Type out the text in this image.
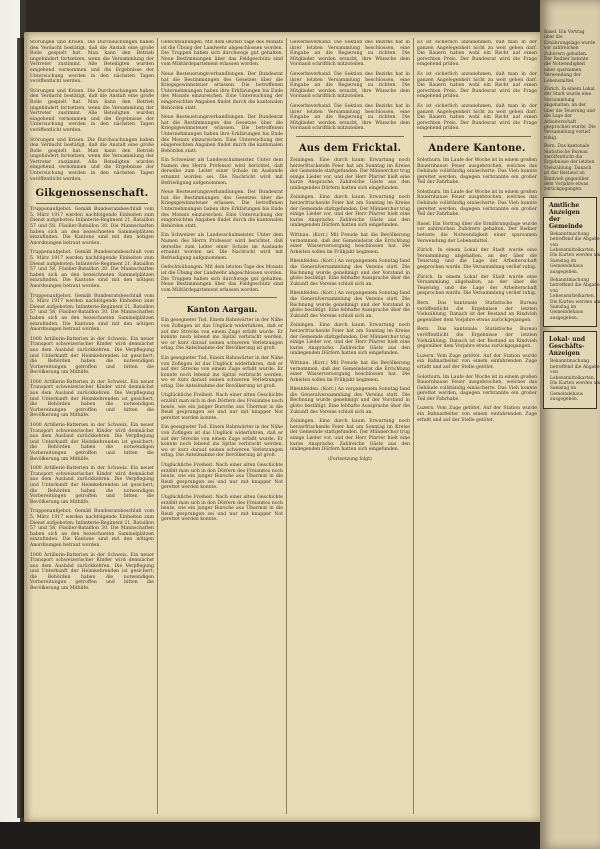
Störungen und Krisen. Die Durchsuchungen haben den Verdacht bestätigt, daß die Anstalt eine große Rolle gespielt hat. Man kann den Betrieb ungehindert fortsetzen, wenn die Versammlung der Vertreter zustimmt. Alle Beteiligten wurden eingehend vernommen und die Ergebnisse der Untersuchung werden in den nächsten Tagen veröffentlicht werden.

Störungen und Krisen. Die Durchsuchungen haben den Verdacht bestätigt, daß die Anstalt eine große Rolle gespielt hat. Man kann den Betrieb ungehindert fortsetzen, wenn die Versammlung der Vertreter zustimmt. Alle Beteiligten wurden eingehend vernommen und die Ergebnisse der Untersuchung werden in den nächsten Tagen veröffentlicht werden.

Störungen und Krisen. Die Durchsuchungen haben den Verdacht bestätigt, daß die Anstalt eine große Rolle gespielt hat. Man kann den Betrieb ungehindert fortsetzen, wenn die Versammlung der Vertreter zustimmt. Alle Beteiligten wurden eingehend vernommen und die Ergebnisse der Untersuchung werden in den nächsten Tagen veröffentlicht werden.

Gikgenossenschaft.

Truppenaufgebot. Gemäß Bundesratsbeschluß vom 5. März 1917 werden nachfolgende Einheiten zum Dienst aufgeboten: Infanterie-Regiment 21, Bataillon 57 und 58, Füsilier-Bataillon 30. Die Mannschaften haben sich an den bezeichneten Sammelplätzen einzufinden. Die Kantone sind mit den nötigen Anordnungen betraut worden.

Truppenaufgebot. Gemäß Bundesratsbeschluß vom 5. März 1917 werden nachfolgende Einheiten zum Dienst aufgeboten: Infanterie-Regiment 21, Bataillon 57 und 58, Füsilier-Bataillon 30. Die Mannschaften haben sich an den bezeichneten Sammelplätzen einzufinden. Die Kantone sind mit den nötigen Anordnungen betraut worden.

Truppenaufgebot. Gemäß Bundesratsbeschluß vom 5. März 1917 werden nachfolgende Einheiten zum Dienst aufgeboten: Infanterie-Regiment 21, Bataillon 57 und 58, Füsilier-Bataillon 30. Die Mannschaften haben sich an den bezeichneten Sammelplätzen einzufinden. Die Kantone sind mit den nötigen Anordnungen betraut worden.

1000 Artillerie-Batterien in der Schweiz. Ein neuer Transport schweizerischer Kinder wird demnächst aus dem Ausland zurückkehren. Die Verpflegung und Unterkunft der Heimkehrenden ist gesichert; die Behörden haben die notwendigen Vorbereitungen getroffen und bitten die Bevölkerung um Mithilfe.

1000 Artillerie-Batterien in der Schweiz. Ein neuer Transport schweizerischer Kinder wird demnächst aus dem Ausland zurückkehren. Die Verpflegung und Unterkunft der Heimkehrenden ist gesichert; die Behörden haben die notwendigen Vorbereitungen getroffen und bitten die Bevölkerung um Mithilfe.

1000 Artillerie-Batterien in der Schweiz. Ein neuer Transport schweizerischer Kinder wird demnächst aus dem Ausland zurückkehren. Die Verpflegung und Unterkunft der Heimkehrenden ist gesichert; die Behörden haben die notwendigen Vorbereitungen getroffen und bitten die Bevölkerung um Mithilfe.

1000 Artillerie-Batterien in der Schweiz. Ein neuer Transport schweizerischer Kinder wird demnächst aus dem Ausland zurückkehren. Die Verpflegung und Unterkunft der Heimkehrenden ist gesichert; die Behörden haben die notwendigen Vorbereitungen getroffen und bitten die Bevölkerung um Mithilfe.

Truppenaufgebot. Gemäß Bundesratsbeschluß vom 5. März 1917 werden nachfolgende Einheiten zum Dienst aufgeboten: Infanterie-Regiment 21, Bataillon 57 und 58, Füsilier-Bataillon 30. Die Mannschaften haben sich an den bezeichneten Sammelplätzen einzufinden. Die Kantone sind mit den nötigen Anordnungen betraut worden.

1000 Artillerie-Batterien in der Schweiz. Ein neuer Transport schweizerischer Kinder wird demnächst aus dem Ausland zurückkehren. Die Verpflegung und Unterkunft der Heimkehrenden ist gesichert; die Behörden haben die notwendigen Vorbereitungen getroffen und bitten die Bevölkerung um Mithilfe.

Gefechtsübungen. Mit dem letzten Tage des Monats ist die Übung der Landwehr abgeschlossen worden. Die Truppen haben sich durchwegs gut gehalten. Neue Bestimmungen über das Feldgeschütz sind vom Militärdepartement erlassen worden.

Neue Besteuerungsverhandlungen. Der Bundesrat hat die Bestimmungen des Gesetzes über die Kriegsgewinnsteuer erlassen. Die betroffenen Unternehmungen haben ihre Erklärungen bis Ende des Monats einzureichen. Eine Untersuchung der eingereichten Angaben findet durch die kantonalen Behörden statt.

Neue Besteuerungsverhandlungen. Der Bundesrat hat die Bestimmungen des Gesetzes über die Kriegsgewinnsteuer erlassen. Die betroffenen Unternehmungen haben ihre Erklärungen bis Ende des Monats einzureichen. Eine Untersuchung der eingereichten Angaben findet durch die kantonalen Behörden statt.

Ein Schweizer als Landesschulmeister. Unter dem Namen des Herrn Professor wird berichtet, daß derselbe zum Leiter einer Schule im Auslande ernannt worden sei. Die Nachricht wird mit Befriedigung aufgenommen.

Neue Besteuerungsverhandlungen. Der Bundesrat hat die Bestimmungen des Gesetzes über die Kriegsgewinnsteuer erlassen. Die betroffenen Unternehmungen haben ihre Erklärungen bis Ende des Monats einzureichen. Eine Untersuchung der eingereichten Angaben findet durch die kantonalen Behörden statt.

Ein Schweizer als Landesschulmeister. Unter dem Namen des Herrn Professor wird berichtet, daß derselbe zum Leiter einer Schule im Auslande ernannt worden sei. Die Nachricht wird mit Befriedigung aufgenommen.

Gefechtsübungen. Mit dem letzten Tage des Monats ist die Übung der Landwehr abgeschlossen worden. Die Truppen haben sich durchwegs gut gehalten. Neue Bestimmungen über das Feldgeschütz sind vom Militärdepartement erlassen worden.

Kanton Aargau.

Ein gesegneter Tod. Einem Bahnwärter in der Nähe von Zofingen ist das Unglück widerfahren, daß er auf der Strecke von einem Zuge erfaßt wurde. Er konnte noch lebend ins Spital verbracht werden, wo er kurz darauf seinen schweren Verletzungen erlag. Die Anteilnahme der Bevölkerung ist groß.

Ein gesegneter Tod. Einem Bahnwärter in der Nähe von Zofingen ist das Unglück widerfahren, daß er auf der Strecke von einem Zuge erfaßt wurde. Er konnte noch lebend ins Spital verbracht werden, wo er kurz darauf seinen schweren Verletzungen erlag. Die Anteilnahme der Bevölkerung ist groß.

Unglückliche Freiheit. Nach einer alten Geschichte erzählt man sich in den Dörfern des Freiamtes noch heute, wie ein junger Bursche aus Übermut in die Reuß gesprungen sei und nur mit knapper Not gerettet werden konnte.

Ein gesegneter Tod. Einem Bahnwärter in der Nähe von Zofingen ist das Unglück widerfahren, daß er auf der Strecke von einem Zuge erfaßt wurde. Er konnte noch lebend ins Spital verbracht werden, wo er kurz darauf seinen schweren Verletzungen erlag. Die Anteilnahme der Bevölkerung ist groß.

Unglückliche Freiheit. Nach einer alten Geschichte erzählt man sich in den Dörfern des Freiamtes noch heute, wie ein junger Bursche aus Übermut in die Reuß gesprungen sei und nur mit knapper Not gerettet werden konnte.

Unglückliche Freiheit. Nach einer alten Geschichte erzählt man sich in den Dörfern des Freiamtes noch heute, wie ein junger Bursche aus Übermut in die Reuß gesprungen sei und nur mit knapper Not gerettet werden konnte.

Gewerbeverband. Die Sektion des Bezirks hat in ihrer letzten Versammlung beschlossen, eine Eingabe an die Regierung zu richten. Die Mitglieder werden ersucht, ihre Wünsche dem Vorstand schriftlich mitzuteilen.

Gewerbeverband. Die Sektion des Bezirks hat in ihrer letzten Versammlung beschlossen, eine Eingabe an die Regierung zu richten. Die Mitglieder werden ersucht, ihre Wünsche dem Vorstand schriftlich mitzuteilen.

Gewerbeverband. Die Sektion des Bezirks hat in ihrer letzten Versammlung beschlossen, eine Eingabe an die Regierung zu richten. Die Mitglieder werden ersucht, ihre Wünsche dem Vorstand schriftlich mitzuteilen.

Aus dem Fricktal.

Zeiningen. Eine durch kaum Erwartung noch herzerfrischende Feier hat am Sonntag im Kreise der Gemeinde stattgefunden. Der Männerchor trug einige Lieder vor, und der Herr Pfarrer hielt eine kurze Ansprache. Zahlreiche Gäste aus den umliegenden Dörfern hatten sich eingefunden.

Zeiningen. Eine durch kaum Erwartung noch herzerfrischende Feier hat am Sonntag im Kreise der Gemeinde stattgefunden. Der Männerchor trug einige Lieder vor, und der Herr Pfarrer hielt eine kurze Ansprache. Zahlreiche Gäste aus den umliegenden Dörfern hatten sich eingefunden.

Wittnau. (Korr.) Mit Freude hat die Bevölkerung vernommen, daß der Gemeinderat die Errichtung einer Wasserversorgung beschlossen hat. Die Arbeiten sollen im Frühjahr beginnen.

Rheinfelden. (Korr.) An vergangenem Sonntag fand die Generalversammlung des Vereins statt. Die Rechnung wurde genehmigt und der Vorstand in globo bestätigt. Eine lebhafte Aussprache über die Zukunft des Vereins schloß sich an.

Rheinfelden. (Korr.) An vergangenem Sonntag fand die Generalversammlung des Vereins statt. Die Rechnung wurde genehmigt und der Vorstand in globo bestätigt. Eine lebhafte Aussprache über die Zukunft des Vereins schloß sich an.

Zeiningen. Eine durch kaum Erwartung noch herzerfrischende Feier hat am Sonntag im Kreise der Gemeinde stattgefunden. Der Männerchor trug einige Lieder vor, und der Herr Pfarrer hielt eine kurze Ansprache. Zahlreiche Gäste aus den umliegenden Dörfern hatten sich eingefunden.

Wittnau. (Korr.) Mit Freude hat die Bevölkerung vernommen, daß der Gemeinderat die Errichtung einer Wasserversorgung beschlossen hat. Die Arbeiten sollen im Frühjahr beginnen.

Rheinfelden. (Korr.) An vergangenem Sonntag fand die Generalversammlung des Vereins statt. Die Rechnung wurde genehmigt und der Vorstand in globo bestätigt. Eine lebhafte Aussprache über die Zukunft des Vereins schloß sich an.

Zeiningen. Eine durch kaum Erwartung noch herzerfrischende Feier hat am Sonntag im Kreise der Gemeinde stattgefunden. Der Männerchor trug einige Lieder vor, und der Herr Pfarrer hielt eine kurze Ansprache. Zahlreiche Gäste aus den umliegenden Dörfern hatten sich eingefunden.

(Fortsetzung folgt)

Es ist sicherlich anzunehmen, daß man in der ganzen Angelegenheit nicht zu weit gehen darf. Die Bauern haben wohl ein Recht auf einen gerechten Preis. Der Bundesrat wird die Frage eingehend prüfen.

Es ist sicherlich anzunehmen, daß man in der ganzen Angelegenheit nicht zu weit gehen darf. Die Bauern haben wohl ein Recht auf einen gerechten Preis. Der Bundesrat wird die Frage eingehend prüfen.

Es ist sicherlich anzunehmen, daß man in der ganzen Angelegenheit nicht zu weit gehen darf. Die Bauern haben wohl ein Recht auf einen gerechten Preis. Der Bundesrat wird die Frage eingehend prüfen.

Andere Kantone.

Solothurn. Im Laufe der Woche ist in einem großen Bauernhause Feuer ausgebrochen, welches das Gebäude vollständig einäscherte. Das Vieh konnte gerettet werden, dagegen verbrannte ein großer Teil der Fahrhabe.

Solothurn. Im Laufe der Woche ist in einem großen Bauernhause Feuer ausgebrochen, welches das Gebäude vollständig einäscherte. Das Vieh konnte gerettet werden, dagegen verbrannte ein großer Teil der Fahrhabe.

Basel. Ein Vortrag über die Ernährungslage wurde vor zahlreichen Zuhörern gehalten. Der Redner betonte die Notwendigkeit einer sparsamen Verwendung der Lebensmittel.

Zürich. In einem Lokal der Stadt wurde eine Versammlung abgehalten, an der über die Teuerung und die Lage der Arbeiterschaft gesprochen wurde. Die Versammlung verlief ruhig.

Zürich. In einem Lokal der Stadt wurde eine Versammlung abgehalten, an der über die Teuerung und die Lage der Arbeiterschaft gesprochen wurde. Die Versammlung verlief ruhig.

Bern. Das kantonale Statistische Bureau veröffentlicht die Ergebnisse der letzten Viehzählung. Danach ist der Bestand an Rindvieh gegenüber dem Vorjahre etwas zurückgegangen.

Bern. Das kantonale Statistische Bureau veröffentlicht die Ergebnisse der letzten Viehzählung. Danach ist der Bestand an Rindvieh gegenüber dem Vorjahre etwas zurückgegangen.

Luzern. Vom Zuge getötet. Auf der Station wurde ein Bahnarbeiter von einem einfahrenden Zuge erfaßt und auf der Stelle getötet.

Solothurn. Im Laufe der Woche ist in einem großen Bauernhause Feuer ausgebrochen, welches das Gebäude vollständig einäscherte. Das Vieh konnte gerettet werden, dagegen verbrannte ein großer Teil der Fahrhabe.

Luzern. Vom Zuge getötet. Auf der Station wurde ein Bahnarbeiter von einem einfahrenden Zuge erfaßt und auf der Stelle getötet.

Basel. Ein Vortrag über die Ernährungslage wurde vor zahlreichen Zuhörern gehalten. Der Redner betonte die Notwendigkeit einer sparsamen Verwendung der Lebensmittel.

Zürich. In einem Lokal der Stadt wurde eine Versammlung abgehalten, an der über die Teuerung und die Lage der Arbeiterschaft gesprochen wurde. Die Versammlung verlief ruhig.

Bern. Das kantonale Statistische Bureau veröffentlicht die Ergebnisse der letzten Viehzählung. Danach ist der Bestand an Rindvieh gegenüber dem Vorjahre etwas zurückgegangen.

Amtliche Anzeigen der Gemeinde

Bekanntmachung betreffend die Abgabe von Lebensmittelkarten. Die Karten werden am Samstag im Gemeindehaus ausgegeben.

Bekanntmachung betreffend die Abgabe von Lebensmittelkarten. Die Karten werden am Samstag im Gemeindehaus ausgegeben.

Lokal- und Geschäfts-Anzeigen

Bekanntmachung betreffend die Abgabe von Lebensmittelkarten. Die Karten werden am Samstag im Gemeindehaus ausgegeben.
